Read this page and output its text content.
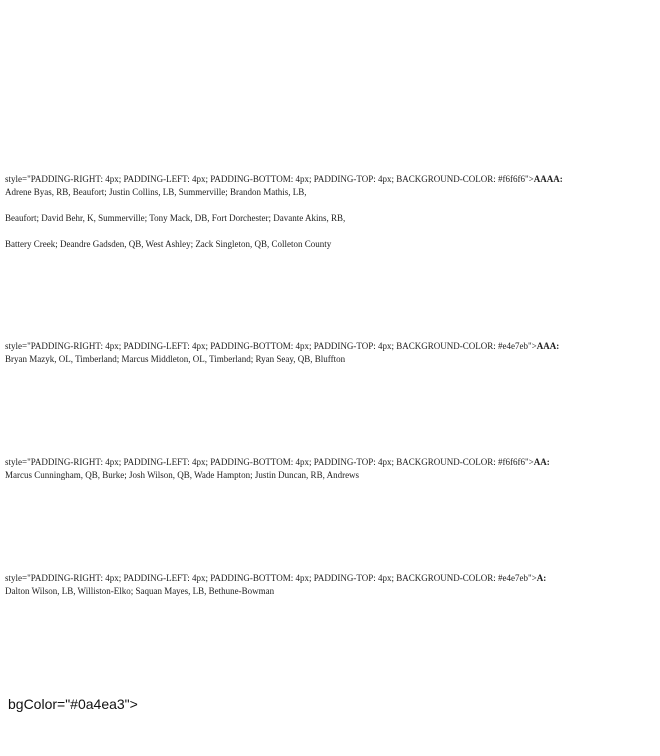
style="PADDING-RIGHT: 4px; PADDING-LEFT: 4px; PADDING-BOTTOM: 4px; PADDING-TOP: 4px; BACKGROUND-COLOR: #f6f6f6">AAAA:
Adrene Byas, RB, Beaufort; Justin Collins, LB, Summerville; Brandon Mathis, LB,
Beaufort; David Behr, K, Summerville; Tony Mack, DB, Fort Dorchester; Davante Akins, RB,
Battery Creek; Deandre Gadsden, QB, West Ashley; Zack Singleton, QB, Colleton County
style="PADDING-RIGHT: 4px; PADDING-LEFT: 4px; PADDING-BOTTOM: 4px; PADDING-TOP: 4px; BACKGROUND-COLOR: #e4e7eb">AAA:
Bryan Mazyk, OL, Timberland; Marcus Middleton, OL, Timberland; Ryan Seay, QB, Bluffton
style="PADDING-RIGHT: 4px; PADDING-LEFT: 4px; PADDING-BOTTOM: 4px; PADDING-TOP: 4px; BACKGROUND-COLOR: #f6f6f6">AA:
Marcus Cunningham, QB, Burke; Josh Wilson, QB, Wade Hampton; Justin Duncan, RB, Andrews
style="PADDING-RIGHT: 4px; PADDING-LEFT: 4px; PADDING-BOTTOM: 4px; PADDING-TOP: 4px; BACKGROUND-COLOR: #e4e7eb">A:
Dalton Wilson, LB, Williston-Elko; Saquan Mayes, LB, Bethune-Bowman
bgColor="#0a4ea3">
